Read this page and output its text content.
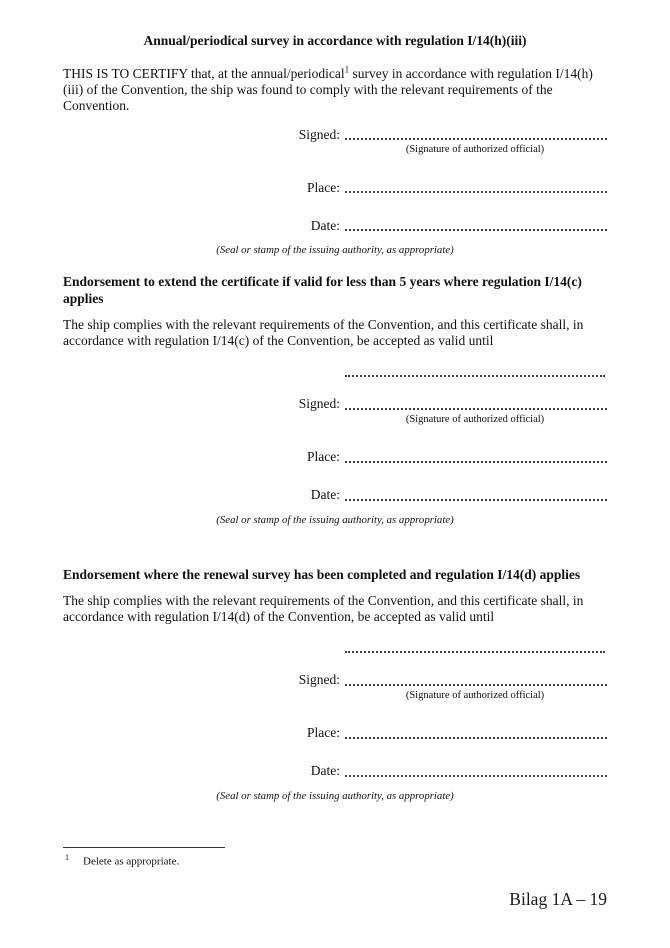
Annual/periodical survey in accordance with regulation I/14(h)(iii)

THIS IS TO CERTIFY that, at the annual/periodical$^1$ survey in accordance with regulation I/14(h)(iii) of the Convention, the ship was found to comply with the relevant requirements of the Convention.

Signed:
(Signature of authorized official)
Place:
Date:
(Seal or stamp of the issuing authority, as appropriate)
Endorsement to extend the certificate if valid for less than 5 years where regulation I/14(c) applies

The ship complies with the relevant requirements of the Convention, and this certificate shall, in accordance with regulation I/14(c) of the Convention, be accepted as valid until

Signed:
(Signature of authorized official)
Place:
Date:
(Seal or stamp of the issuing authority, as appropriate)
Endorsement where the renewal survey has been completed and regulation I/14(d) applies

The ship complies with the relevant requirements of the Convention, and this certificate shall, in accordance with regulation I/14(d) of the Convention, be accepted as valid until

Signed:
(Signature of authorized official)
Place:
Date:
(Seal or stamp of the issuing authority, as appropriate)
$^1$ Delete as appropriate.
Bilag 1A – 19
